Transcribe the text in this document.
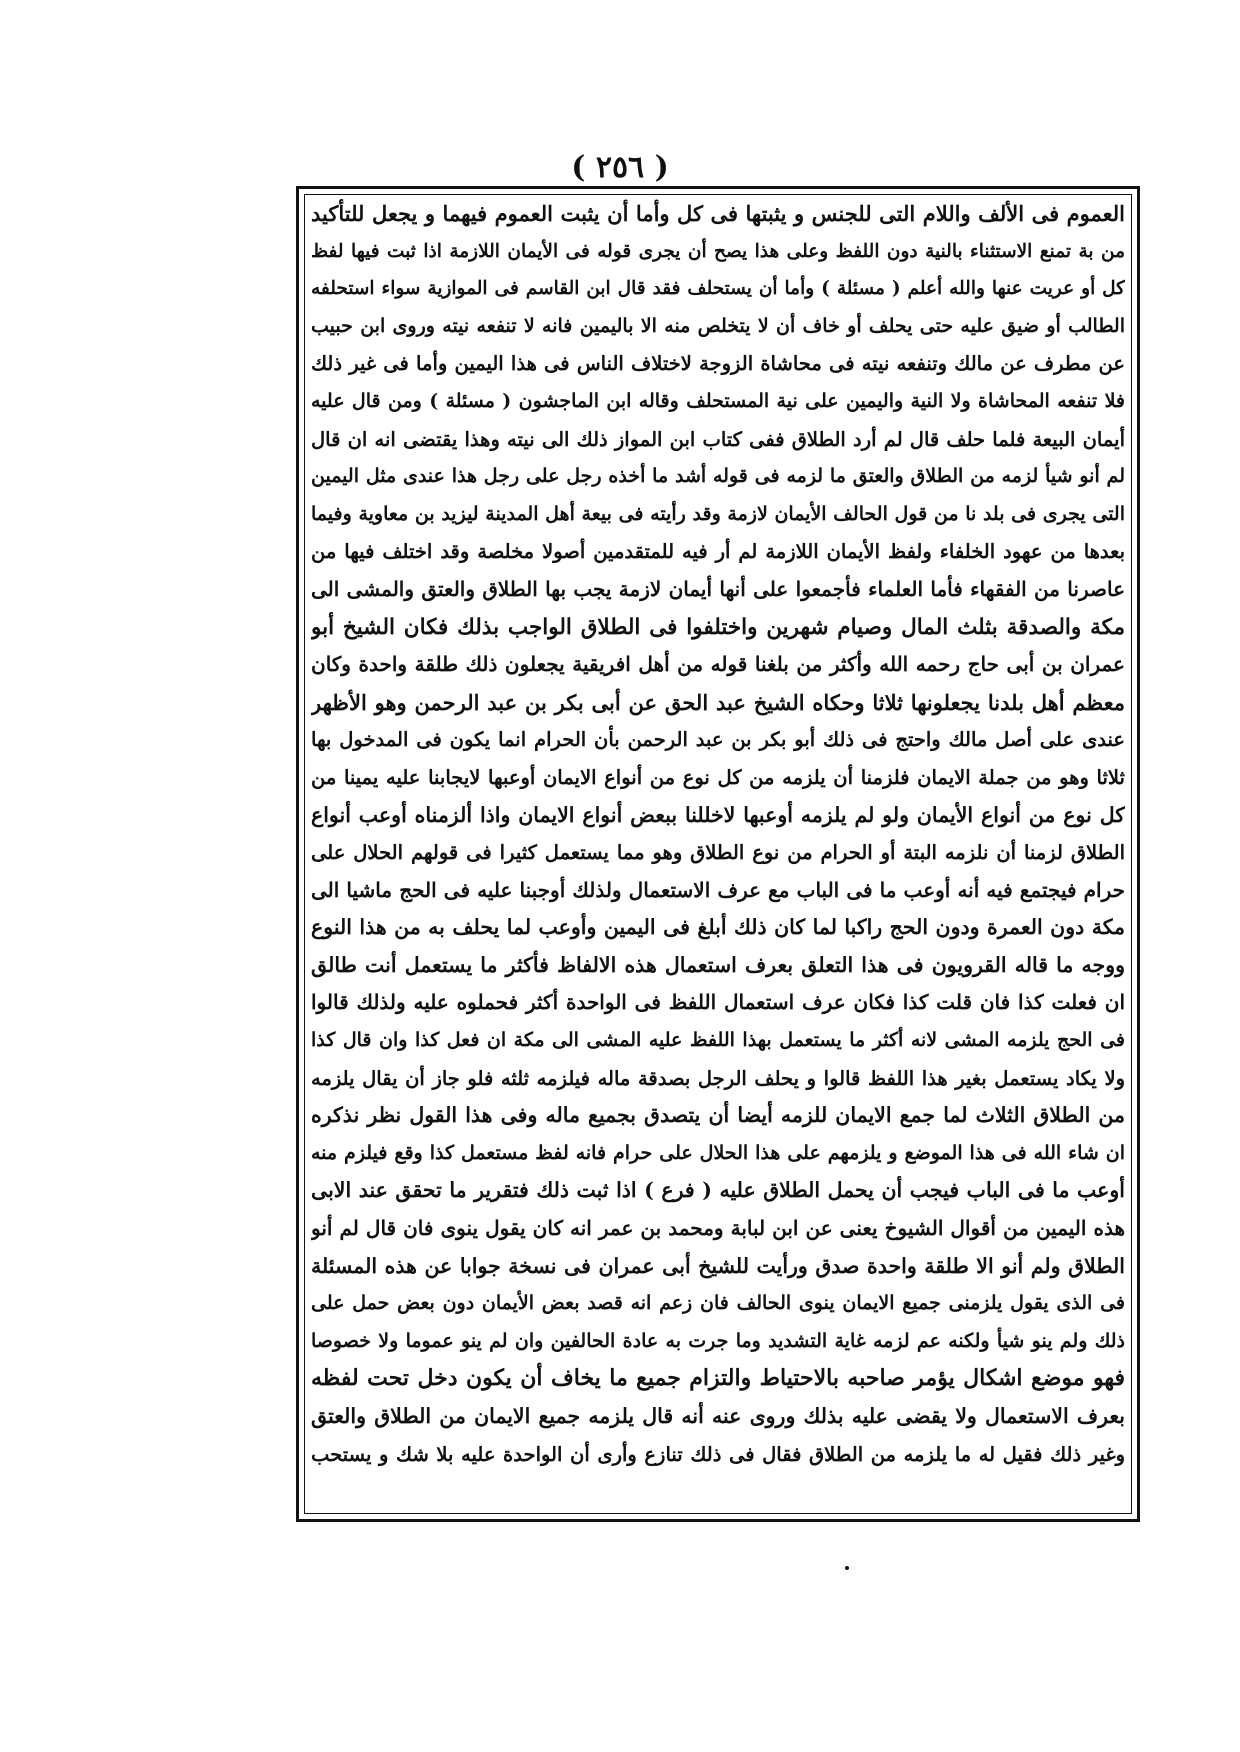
( ٢٥٦ )
العموم فى الألف واللام التى للجنس و يثبتها فى كل وأما أن يثبت العموم فيهما و يجعل للتأكيد
من بة تمنع الاستثناء بالنية دون اللفظ وعلى هذا يصح أن يجرى قوله فى الأيمان اللازمة اذا ثبت فيها لفظ
كل أو عريت عنها والله أعلم ( مسئلة ) وأما أن يستحلف فقد قال ابن القاسم فى الموازية سواء استحلفه
الطالب أو ضيق عليه حتى يحلف أو خاف أن لا يتخلص منه الا باليمين فانه لا تنفعه نيته وروى ابن حبيب
عن مطرف عن مالك وتنفعه نيته فى محاشاة الزوجة لاختلاف الناس فى هذا اليمين وأما فى غير ذلك
فلا تنفعه المحاشاة ولا النية واليمين على نية المستحلف وقاله ابن الماجشون ( مسئلة ) ومن قال عليه
أيمان البيعة فلما حلف قال لم أرد الطلاق ففى كتاب ابن المواز ذلك الى نيته وهذا يقتضى انه ان قال
لم أنو شيأ لزمه من الطلاق والعتق ما لزمه فى قوله أشد ما أخذه رجل على رجل هذا عندى مثل اليمين
التى يجرى فى بلد نا من قول الحالف الأيمان لازمة وقد رأيته فى بيعة أهل المدينة ليزيد بن معاوية وفيما
بعدها من عهود الخلفاء ولفظ الأيمان اللازمة لم أر فيه للمتقدمين أصولا مخلصة وقد اختلف فيها من
عاصرنا من الفقهاء فأما العلماء فأجمعوا على أنها أيمان لازمة يجب بها الطلاق والعتق والمشى الى
مكة والصدقة بثلث المال وصيام شهرين واختلفوا فى الطلاق الواجب بذلك فكان الشيخ أبو
عمران بن أبى حاج رحمه الله وأكثر من بلغنا قوله من أهل افريقية يجعلون ذلك طلقة واحدة وكان
معظم أهل بلدنا يجعلونها ثلاثا وحكاه الشيخ عبد الحق عن أبى بكر بن عبد الرحمن وهو الأظهر
عندى على أصل مالك واحتج فى ذلك أبو بكر بن عبد الرحمن بأن الحرام انما يكون فى المدخول بها
ثلاثا وهو من جملة الايمان فلزمنا أن يلزمه من كل نوع من أنواع الايمان أوعبها لايجابنا عليه يمينا من
كل نوع من أنواع الأيمان ولو لم يلزمه أوعبها لاخللنا ببعض أنواع الايمان واذا ألزمناه أوعب أنواع
الطلاق لزمنا أن نلزمه البتة أو الحرام من نوع الطلاق وهو مما يستعمل كثيرا فى قولهم الحلال على
حرام فيجتمع فيه أنه أوعب ما فى الباب مع عرف الاستعمال ولذلك أوجبنا عليه فى الحج ماشيا الى
مكة دون العمرة ودون الحج راكبا لما كان ذلك أبلغ فى اليمين وأوعب لما يحلف به من هذا النوع
ووجه ما قاله القرويون فى هذا التعلق بعرف استعمال هذه الالفاظ فأكثر ما يستعمل أنت طالق
ان فعلت كذا فان قلت كذا فكان عرف استعمال اللفظ فى الواحدة أكثر فحملوه عليه ولذلك قالوا
فى الحج يلزمه المشى لانه أكثر ما يستعمل بهذا اللفظ عليه المشى الى مكة ان فعل كذا وان قال كذا
ولا يكاد يستعمل بغير هذا اللفظ قالوا و يحلف الرجل بصدقة ماله فيلزمه ثلثه فلو جاز أن يقال يلزمه
من الطلاق الثلاث لما جمع الايمان للزمه أيضا أن يتصدق بجميع ماله وفى هذا القول نظر نذكره
ان شاء الله فى هذا الموضع و يلزمهم على هذا الحلال على حرام فانه لفظ مستعمل كذا وقع فيلزم منه
أوعب ما فى الباب فيجب أن يحمل الطلاق عليه ( فرع ) اذا ثبت ذلك فتقرير ما تحقق عند الابى
هذه اليمين من أقوال الشيوخ يعنى عن ابن لبابة ومحمد بن عمر انه كان يقول ينوى فان قال لم أنو
الطلاق ولم أنو الا طلقة واحدة صدق ورأيت للشيخ أبى عمران فى نسخة جوابا عن هذه المسئلة
فى الذى يقول يلزمنى جميع الايمان ينوى الحالف فان زعم انه قصد بعض الأيمان دون بعض حمل على
ذلك ولم ينو شيأ ولكنه عم لزمه غاية التشديد وما جرت به عادة الحالفين وان لم ينو عموما ولا خصوصا
فهو موضع اشكال يؤمر صاحبه بالاحتياط والتزام جميع ما يخاف أن يكون دخل تحت لفظه
بعرف الاستعمال ولا يقضى عليه بذلك وروى عنه أنه قال يلزمه جميع الايمان من الطلاق والعتق
وغير ذلك فقيل له ما يلزمه من الطلاق فقال فى ذلك تنازع وأرى أن الواحدة عليه بلا شك و يستحب
